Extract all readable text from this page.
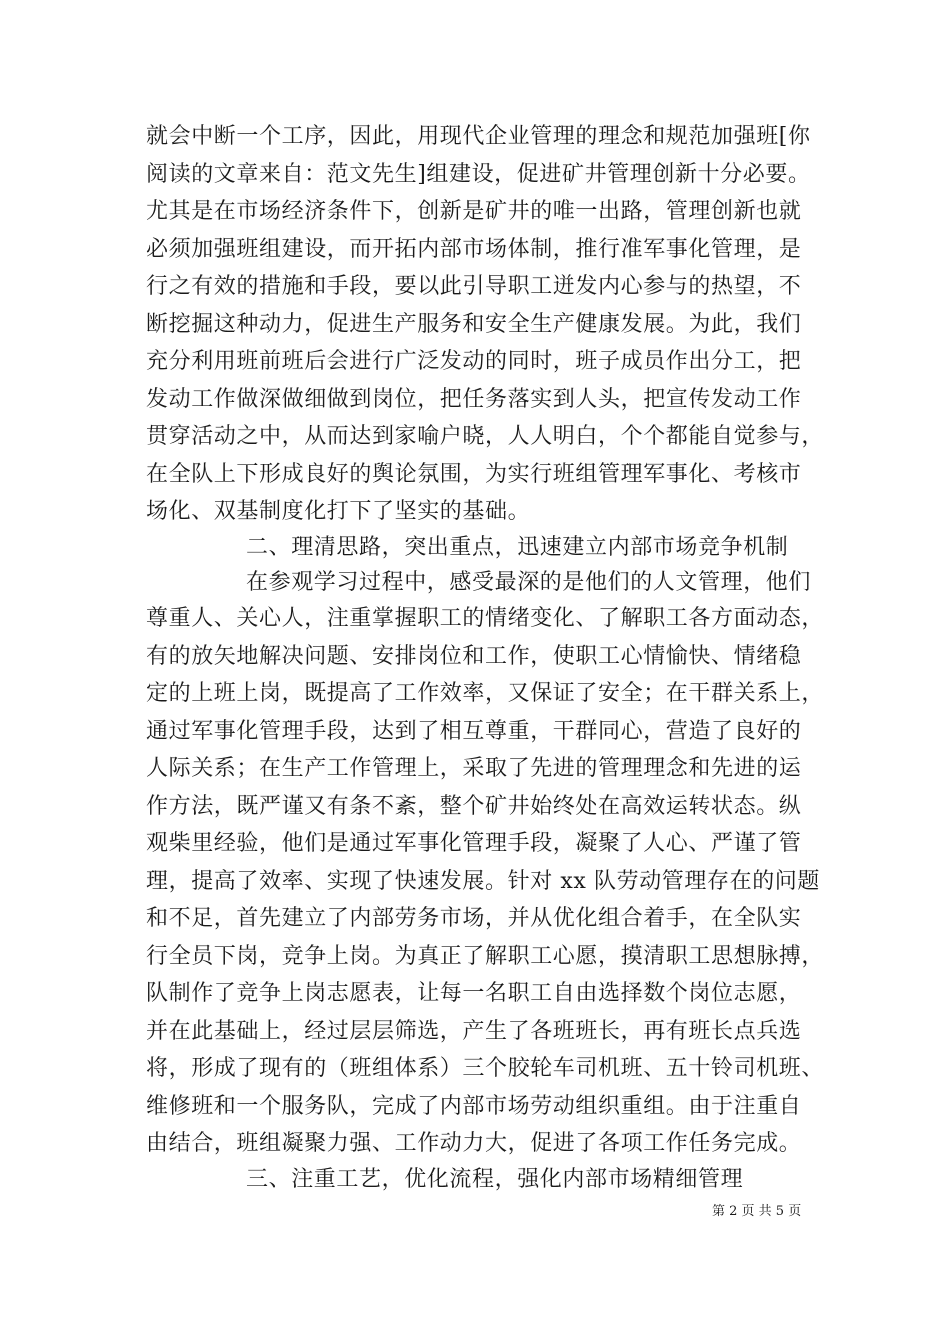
就会中断一个工序，因此，用现代企业管理的理念和规范加强班[你
阅读的文章来自：范文先生]组建设，促进矿井管理创新十分必要。
尤其是在市场经济条件下，创新是矿井的唯一出路，管理创新也就
必须加强班组建设，而开拓内部市场体制，推行准军事化管理，是
行之有效的措施和手段，要以此引导职工迸发内心参与的热望，不
断挖掘这种动力，促进生产服务和安全生产健康发展。为此，我们
充分利用班前班后会进行广泛发动的同时，班子成员作出分工，把
发动工作做深做细做到岗位，把任务落实到人头，把宣传发动工作
贯穿活动之中，从而达到家喻户晓，人人明白，个个都能自觉参与，
在全队上下形成良好的舆论氛围，为实行班组管理军事化、考核市
场化、双基制度化打下了坚实的基础。
二、理清思路，突出重点，迅速建立内部市场竞争机制
在参观学习过程中，感受最深的是他们的人文管理，他们
尊重人、关心人，注重掌握职工的情绪变化、了解职工各方面动态，
有的放矢地解决问题、安排岗位和工作，使职工心情愉快、情绪稳
定的上班上岗，既提高了工作效率，又保证了安全；在干群关系上，
通过军事化管理手段，达到了相互尊重，干群同心，营造了良好的
人际关系；在生产工作管理上，采取了先进的管理理念和先进的运
作方法，既严谨又有条不紊，整个矿井始终处在高效运转状态。纵
观柴里经验，他们是通过军事化管理手段，凝聚了人心、严谨了管
理，提高了效率、实现了快速发展。针对 xx 队劳动管理存在的问题
和不足，首先建立了内部劳务市场，并从优化组合着手，在全队实
行全员下岗，竞争上岗。为真正了解职工心愿，摸清职工思想脉搏，
队制作了竞争上岗志愿表，让每一名职工自由选择数个岗位志愿，
并在此基础上，经过层层筛选，产生了各班班长，再有班长点兵选
将，形成了现有的（班组体系）三个胶轮车司机班、五十铃司机班、
维修班和一个服务队，完成了内部市场劳动组织重组。由于注重自
由结合，班组凝聚力强、工作动力大，促进了各项工作任务完成。
三、注重工艺，优化流程，强化内部市场精细管理
第 2 页 共 5 页
